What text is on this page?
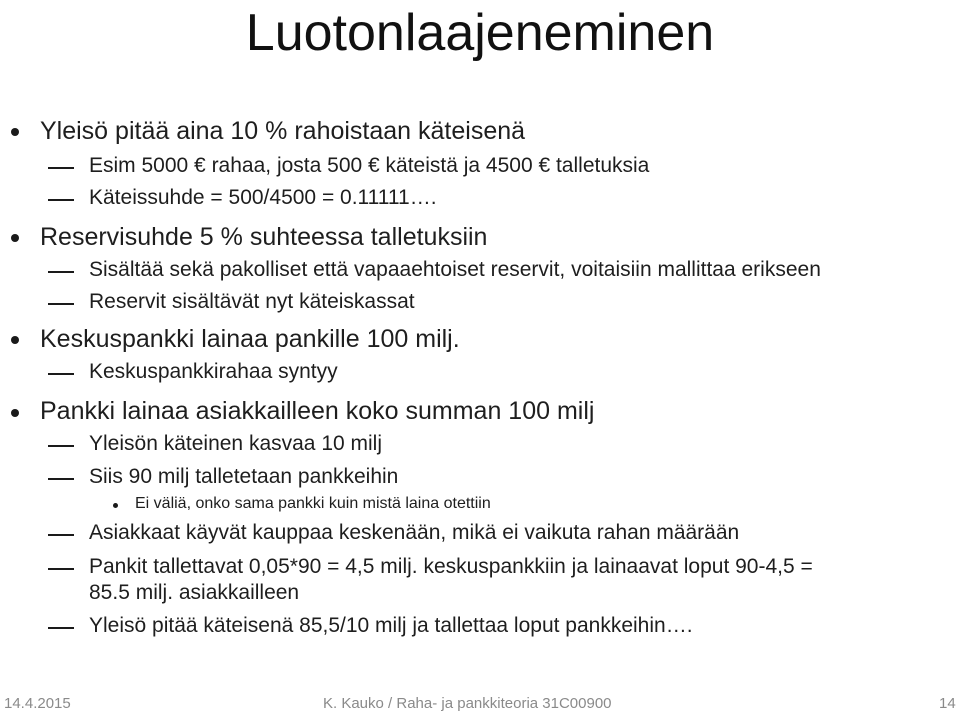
Luotonlaajeneminen
Yleisö pitää aina 10 % rahoistaan käteisenä
Esim 5000 € rahaa, josta 500 € käteistä ja 4500 € talletuksia
Käteissuhde = 500/4500 = 0.11111….
Reservisuhde 5 % suhteessa talletuksiin
Sisältää sekä pakolliset että vapaaehtoiset reservit, voitaisiin mallittaa erikseen
Reservit sisältävät nyt käteiskassat
Keskuspankki lainaa pankille 100 milj.
Keskuspankkirahaa syntyy
Pankki lainaa asiakkailleen koko summan 100 milj
Yleisön käteinen kasvaa 10 milj
Siis 90 milj talletetaan pankkeihin
Ei väliä, onko sama pankki kuin mistä laina otettiin
Asiakkaat käyvät kauppaa keskenään, mikä ei vaikuta rahan määrään
Pankit tallettavat 0,05*90 = 4,5 milj. keskuspankkiin ja lainaavat loput 90-4,5 =
85.5 milj. asiakkailleen
Yleisö pitää käteisenä 85,5/10 milj ja tallettaa loput pankkeihin….
14.4.2015	K. Kauko / Raha- ja pankkiteoria 31C00900	14
